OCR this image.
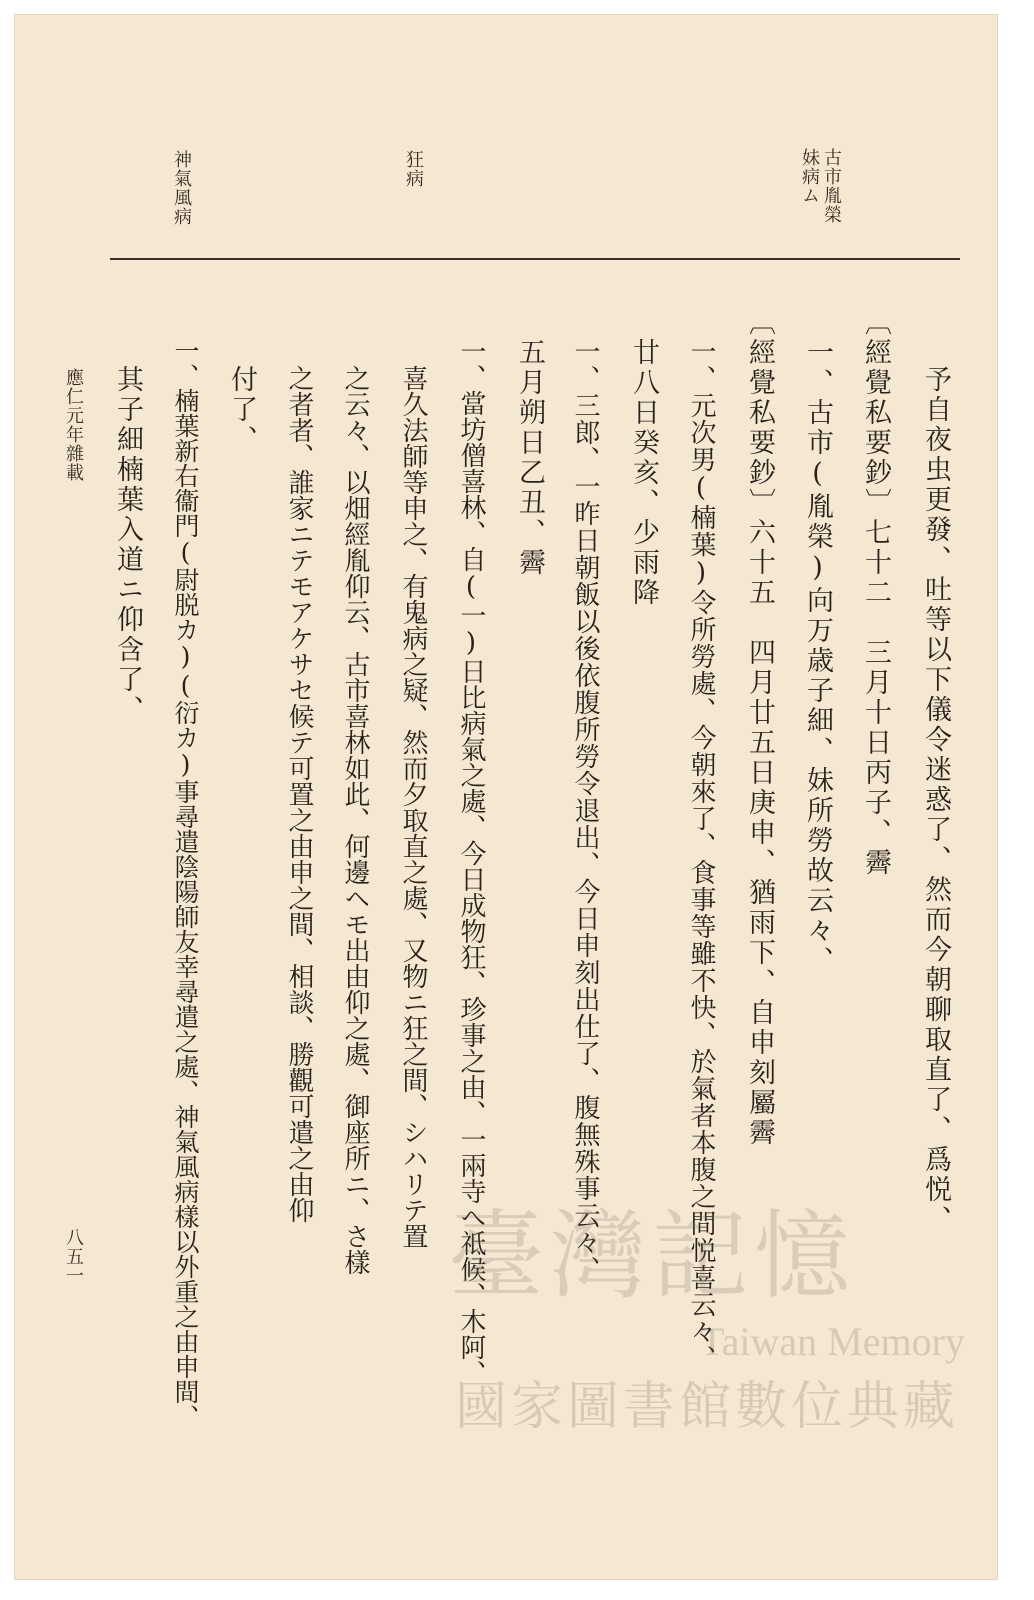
神氣風病	狂病	古市胤榮
妹病ム
予自夜虫更發、吐等以下儀令迷惑了、然而今朝聊取直了、爲悦、
〔經覺私要鈔〕七十二　三月十日丙子、霽
一、古市(胤榮)向万歳子細、妹所勞故云々、
〔經覺私要鈔〕六十五　四月廿五日庚申、猶雨下、自申刻屬霽
一、元次男(楠葉)令所勞處、今朝來了、食事等雖不快、於氣者本腹之間悦喜云々、
廿八日癸亥、少雨降
一、三郎、一昨日朝飯以後依腹所勞令退出、今日申刻出仕了、腹無殊事云々、
五月朔日乙丑、霽
一、當坊僧喜林、自(一)日比病氣之處、今日成物狂、珍事之由、一兩寺へ祗候、木阿、
喜久法師等申之、有鬼病之疑、然而夕取直之處、又物ニ狂之間、シハリテ置
之云々、以畑經胤仰云、古市喜林如此、何邊ヘモ出由仰之處、御座所ニ、さ樣
之者者、誰家ニテモアケサセ候テ可置之由申之間、相談、勝觀可遣之由仰
付了、
一、楠葉新右衞門(尉脱カ)(衍カ)事尋遣陰陽師友幸尋遣之處、神氣風病樣以外重之由申間、
其子細楠葉入道ニ仰含了、
應仁元年雜載
八五一	臺灣記憶
Taiwan Memory
國家圖書館數位典藏
